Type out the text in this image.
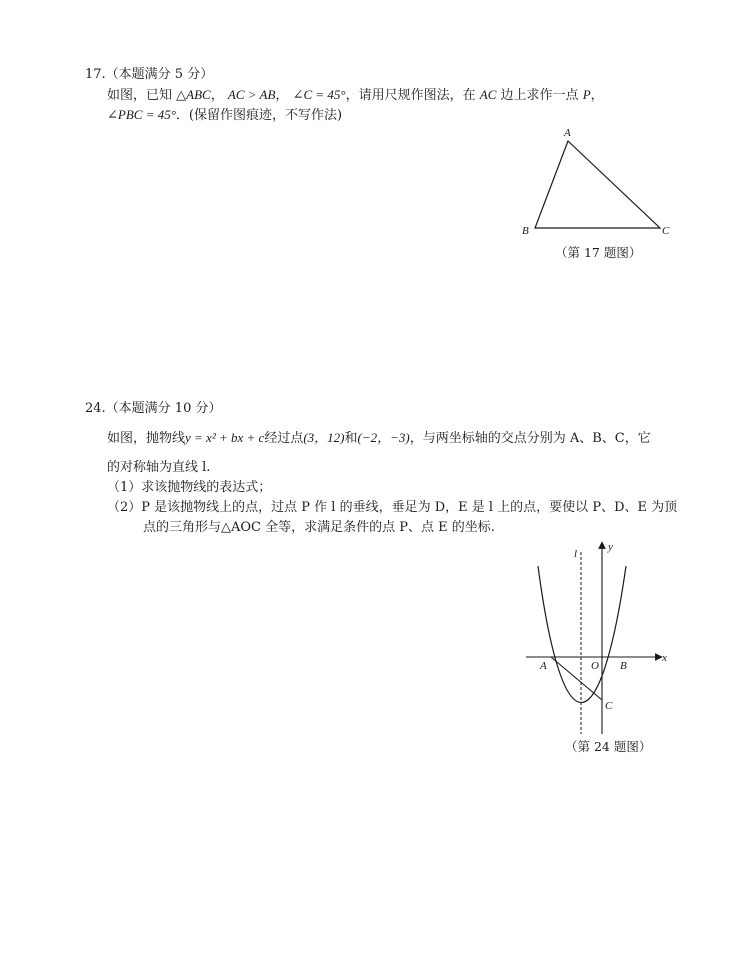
17.（本题满分 5 分）
如图，已知 △ABC， AC > AB， ∠C = 45°，请用尺规作图法，在 AC 边上求作一点 P，
∠PBC = 45°．(保留作图痕迹，不写作法)
A
B	C
（第 17 题图）
24.（本题满分 10 分）
如图，抛物线y = x² + bx + c经过点(3，12)和(−2，−3)，与两坐标轴的交点分别为 A、B、C，它
的对称轴为直线 l.
（1）求该抛物线的表达式；
（2）P 是该抛物线上的点，过点 P 作 l 的垂线，垂足为 D，E 是 l 上的点，要使以 P、D、E 为顶
点的三角形与△AOC 全等，求满足条件的点 P、点 E 的坐标.
l
y
x
A	O B
C
（第 24 题图）
